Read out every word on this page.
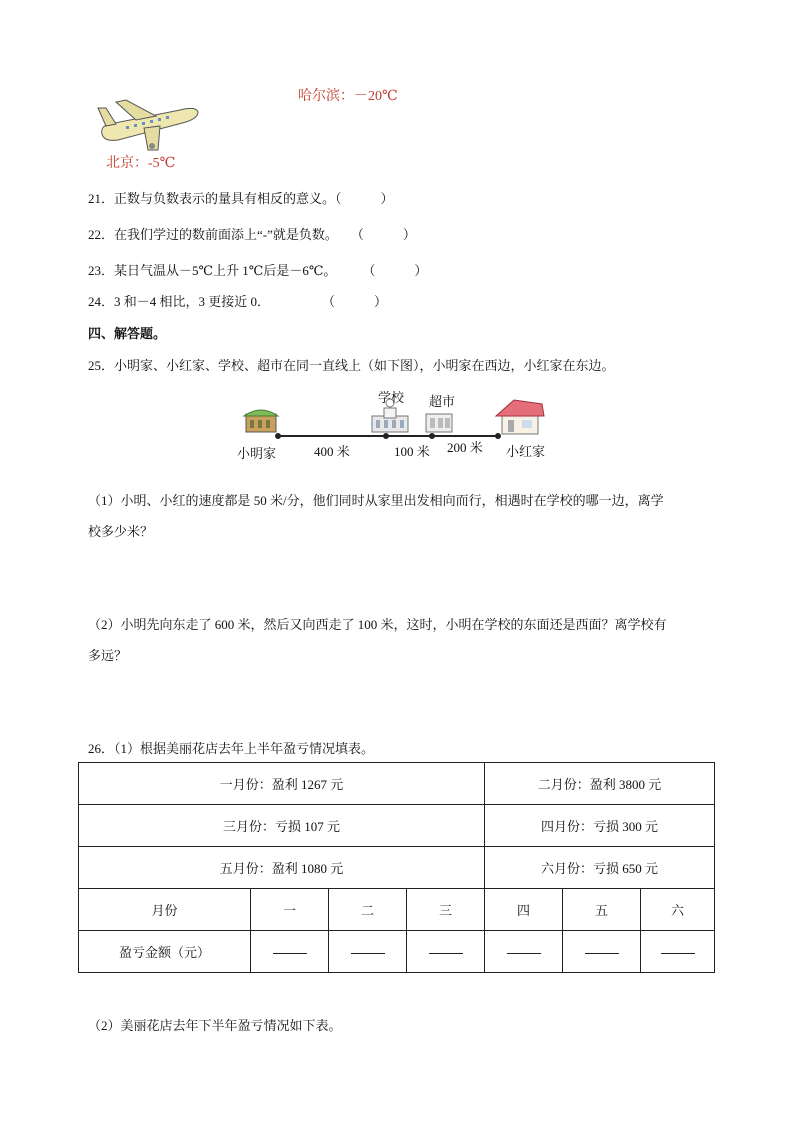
哈尔滨：－20℃
北京：-5℃
21．正数与负数表示的量具有相反的意义。（　　　）
22．在我们学过的数前面添上“-”就是负数。　　（　　　）
23．某日气温从－5℃上升 1℃后是－6℃。　　　（　　　）
24．3 和－4 相比，3 更接近 0．　　　　　（　　　）
四、解答题。
25．小明家、小红家、学校、超市在同一直线上（如下图），小明家在西边，小红家在东边。
学校 超市
小明家	400 米	100 米 200 米 小红家
（1）小明、小红的速度都是 50 米/分，他们同时从家里出发相向而行，相遇时在学校的哪一边，离学
校多少米？
（2）小明先向东走了 600 米，然后又向西走了 100 米，这时，小明在学校的东面还是西面？离学校有
多远？
26．（1）根据美丽花店去年上半年盈亏情况填表。
一月份：盈利 1267 元				二月份：盈利 3800 元		
三月份：亏损 107 元				四月份：亏损 300 元		
五月份：盈利 1080 元				六月份：亏损 650 元		
月份	一	二	三	四	五	六
盈亏金额（元）						
（2）美丽花店去年下半年盈亏情况如下表。
